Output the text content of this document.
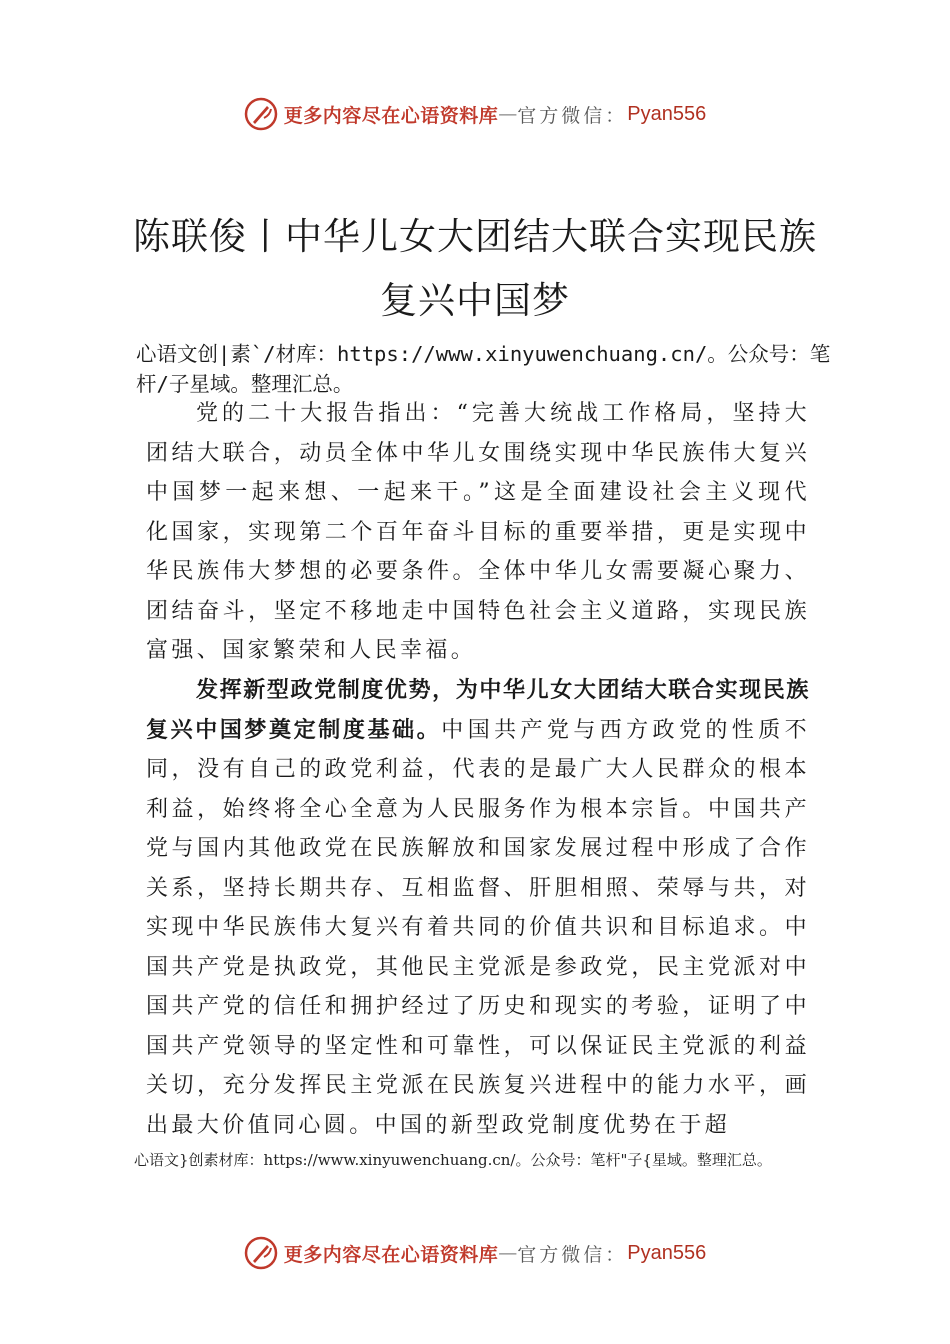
更多内容尽在心语资料库 — 官方微信： Pyan556
陈联俊丨中华儿女大团结大联合实现民族
复兴中国梦
心语文创|素`/材库：https://www.xinyuwenchuang.cn/。公众号：笔杆/子星域。整理汇总。

党的二十大报告指出：“完善大统战工作格局，坚持大团结大联合，动员全体中华儿女围绕实现中华民族伟大复兴中国梦一起来想、一起来干。”这是全面建设社会主义现代化国家，实现第二个百年奋斗目标的重要举措，更是实现中华民族伟大梦想的必要条件。全体中华儿女需要凝心聚力、团结奋斗，坚定不移地走中国特色社会主义道路，实现民族富强、国家繁荣和人民幸福。

发挥新型政党制度优势，为中华儿女大团结大联合实现民族复兴中国梦奠定制度基础。中国共产党与西方政党的性质不同，没有自己的政党利益，代表的是最广大人民群众的根本利益，始终将全心全意为人民服务作为根本宗旨。中国共产党与国内其他政党在民族解放和国家发展过程中形成了合作关系，坚持长期共存、互相监督、肝胆相照、荣辱与共，对实现中华民族伟大复兴有着共同的价值共识和目标追求。中国共产党是执政党，其他民主党派是参政党，民主党派对中国共产党的信任和拥护经过了历史和现实的考验，证明了中国共产党领导的坚定性和可靠性，可以保证民主党派的利益关切，充分发挥民主党派在民族复兴进程中的能力水平，画出最大价值同心圆。中国的新型政党制度优势在于超

心语文}创素材库：https://www.xinyuwenchuang.cn/。公众号：笔杆"子{星域。整理汇总。
更多内容尽在心语资料库 — 官方微信： Pyan556
